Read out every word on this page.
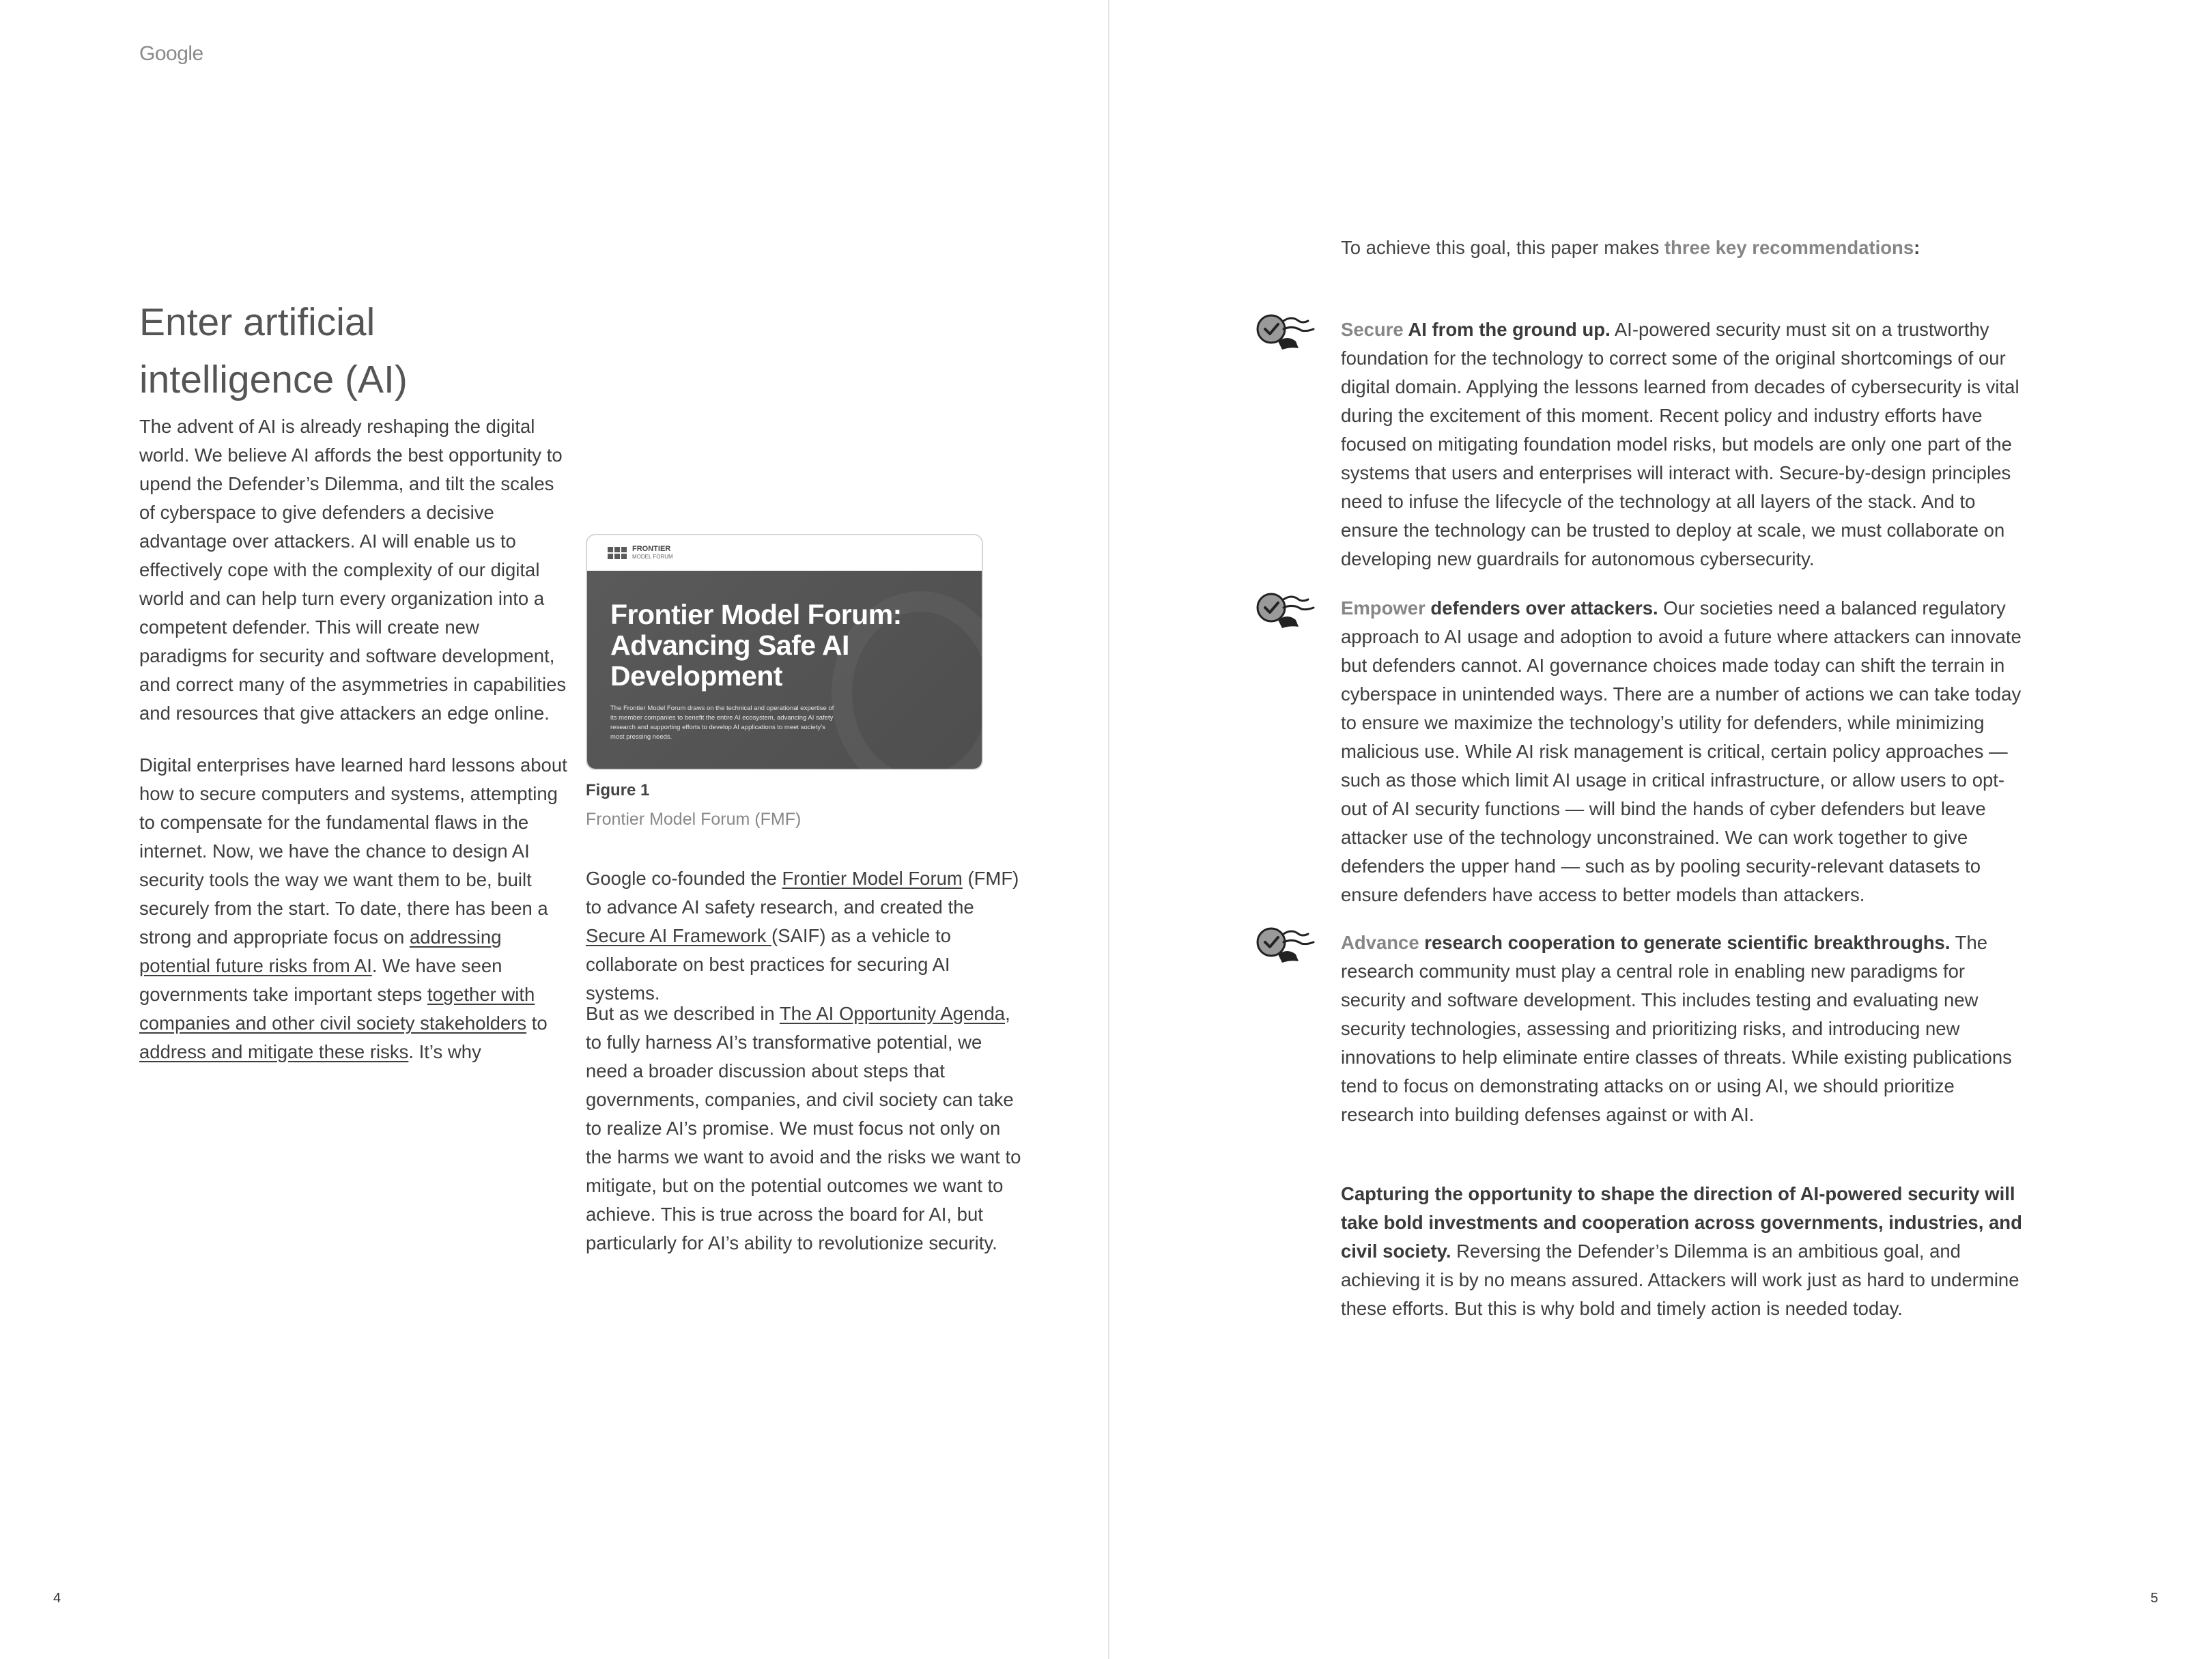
Google
4	5
Enter artificial intelligence (AI)

The advent of AI is already reshaping the digital world. We believe AI affords the best opportunity to upend the Defender’s Dilemma, and tilt the scales of cyberspace to give defenders a decisive advantage over attackers. AI will enable us to effectively cope with the complexity of our digital world and can help turn every organization into a competent defender. This will create new paradigms for security and software development, and correct many of the asymmetries in capabilities and resources that give attackers an edge online.

Digital enterprises have learned hard lessons about how to secure computers and systems, attempting to compensate for the fundamental flaws in the internet. Now, we have the chance to design AI security tools the way we want them to be, built securely from the start. To date, there has been a strong and appropriate focus on addressing potential future risks from AI. We have seen governments take important steps together with companies and other civil society stakeholders to address and mitigate these risks. It’s why

FRONTIER
MODEL FORUM
Frontier Model Forum: Advancing Safe AI Development
The Frontier Model Forum draws on the technical and operational expertise of its member companies to benefit the entire AI ecosystem, advancing AI safety research and supporting efforts to develop AI applications to meet society’s most pressing needs.
Figure 1
Frontier Model Forum (FMF)

Google co-founded the Frontier Model Forum (FMF) to advance AI safety research, and created the Secure AI Framework (SAIF) as a vehicle to collaborate on best practices for securing AI systems.

But as we described in The AI Opportunity Agenda, to fully harness AI’s transformative potential, we need a broader discussion about steps that governments, companies, and civil society can take to realize AI’s promise. We must focus not only on the harms we want to avoid and the risks we want to mitigate, but on the potential outcomes we want to achieve. This is true across the board for AI, but particularly for AI’s ability to revolutionize security.

To achieve this goal, this paper makes three key recommendations:

Secure AI from the ground up. AI-powered security must sit on a trustworthy foundation for the technology to correct some of the original shortcomings of our digital domain. Applying the lessons learned from decades of cybersecurity is vital during the excitement of this moment. Recent policy and industry efforts have focused on mitigating foundation model risks, but models are only one part of the systems that users and enterprises will interact with. Secure-by-design principles need to infuse the lifecycle of the technology at all layers of the stack. And to ensure the technology can be trusted to deploy at scale, we must collaborate on developing new guardrails for autonomous cybersecurity.

Empower defenders over attackers. Our societies need a balanced regulatory approach to AI usage and adoption to avoid a future where attackers can innovate but defenders cannot. AI governance choices made today can shift the terrain in cyberspace in unintended ways. There are a number of actions we can take today to ensure we maximize the technology’s utility for defenders, while minimizing malicious use. While AI risk management is critical, certain policy approaches — such as those which limit AI usage in critical infrastructure, or allow users to opt-out of AI security functions — will bind the hands of cyber defenders but leave attacker use of the technology unconstrained. We can work together to give defenders the upper hand — such as by pooling security-relevant datasets to ensure defenders have access to better models than attackers.

Advance research cooperation to generate scientific breakthroughs. The research community must play a central role in enabling new paradigms for security and software development. This includes testing and evaluating new security technologies, assessing and prioritizing risks, and introducing new innovations to help eliminate entire classes of threats. While existing publications tend to focus on demonstrating attacks on or using AI, we should prioritize research into building defenses against or with AI.

Capturing the opportunity to shape the direction of AI-powered security will take bold investments and cooperation across governments, industries, and civil society. Reversing the Defender’s Dilemma is an ambitious goal, and achieving it is by no means assured. Attackers will work just as hard to undermine these efforts. But this is why bold and timely action is needed today.
